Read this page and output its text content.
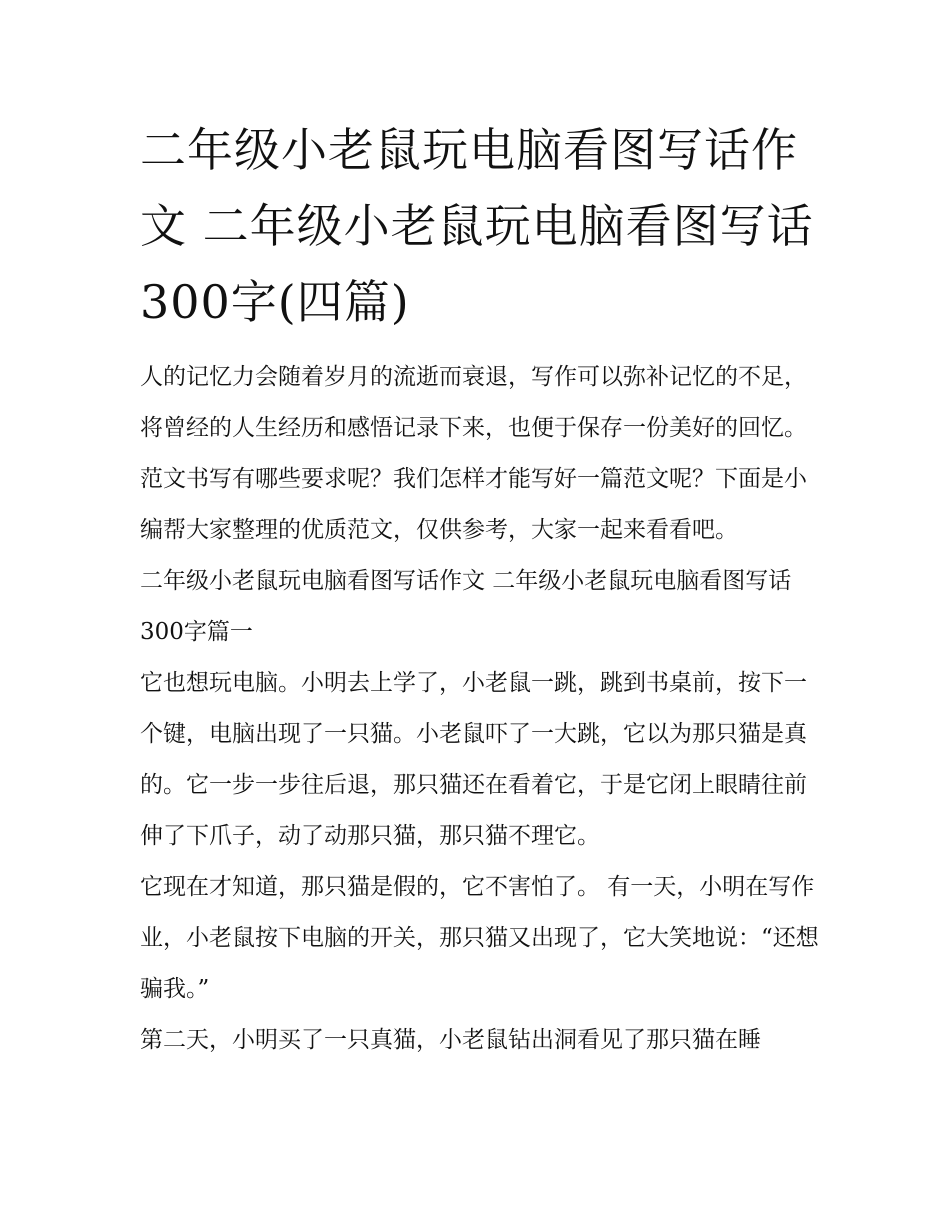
二年级小老鼠玩电脑看图写话作文 二年级小老鼠玩电脑看图写话300字(四篇)

人的记忆力会随着岁月的流逝而衰退，写作可以弥补记忆的不足，将曾经的人生经历和感悟记录下来，也便于保存一份美好的回忆。范文书写有哪些要求呢？我们怎样才能写好一篇范文呢？下面是小编帮大家整理的优质范文，仅供参考，大家一起来看看吧。

二年级小老鼠玩电脑看图写话作文 二年级小老鼠玩电脑看图写话300字篇一

它也想玩电脑。小明去上学了，小老鼠一跳，跳到书桌前，按下一个键，电脑出现了一只猫。小老鼠吓了一大跳，它以为那只猫是真的。它一步一步往后退，那只猫还在看着它，于是它闭上眼睛往前伸了下爪子，动了动那只猫，那只猫不理它。

它现在才知道，那只猫是假的，它不害怕了。 有一天，小明在写作业，小老鼠按下电脑的开关，那只猫又出现了，它大笑地说：“还想骗我。”

第二天，小明买了一只真猫，小老鼠钻出洞看见了那只猫在睡
